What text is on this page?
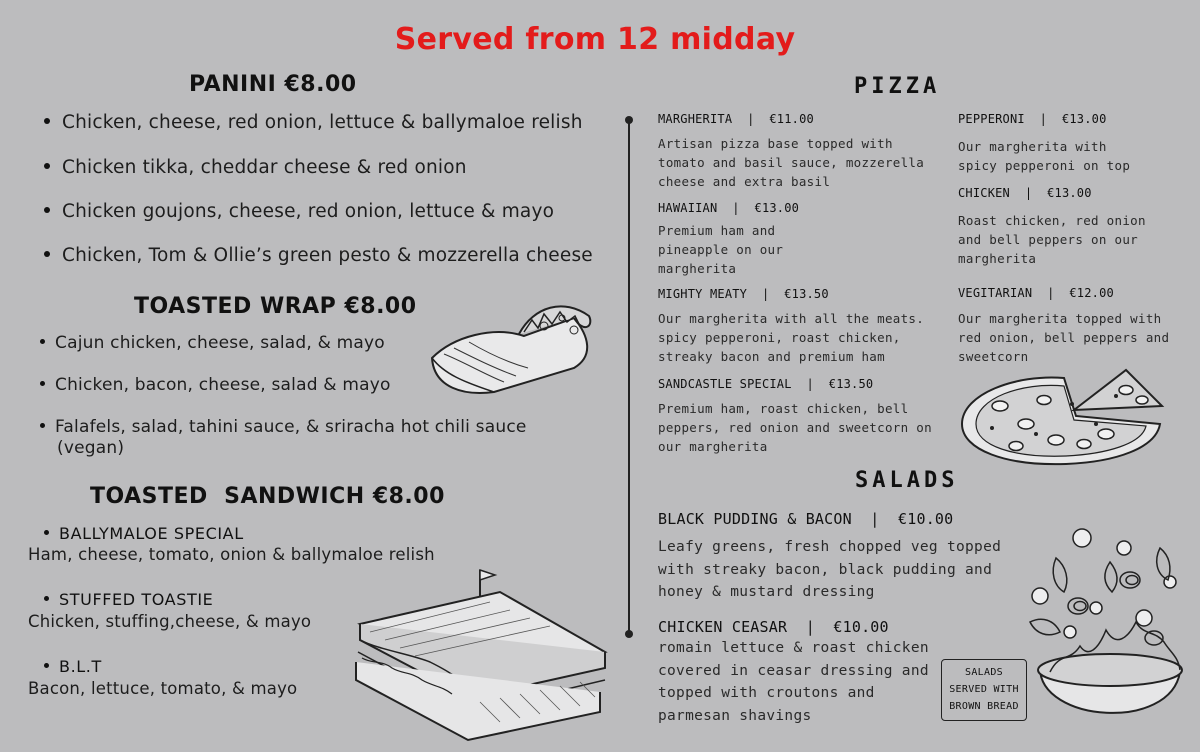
Served from 12 midday
PANINI €8.00
Chicken, cheese, red onion, lettuce & ballymaloe relish
Chicken tikka, cheddar cheese & red onion
Chicken goujons, cheese, red onion, lettuce & mayo
Chicken, Tom & Ollie’s green pesto & mozzerella cheese
TOASTED WRAP €8.00
Cajun chicken, cheese, salad, & mayo
Chicken, bacon, cheese, salad & mayo
Falafels, salad, tahini sauce, & sriracha hot chili sauce
(vegan)
TOASTED  SANDWICH €8.00
BALLYMALOE SPECIAL
Ham, cheese, tomato, onion & ballymaloe relish
STUFFED TOASTIE
Chicken, stuffing,cheese, & mayo
B.L.T
Bacon, lettuce, tomato, & mayo
PIZZA
MARGHERITA  |  €11.00
Artisan pizza base topped with
tomato and basil sauce, mozzerella
cheese and extra basil
HAWAIIAN  |  €13.00
Premium ham and
pineapple on our
margherita
MIGHTY MEATY  |  €13.50
Our margherita with all the meats.
spicy pepperoni, roast chicken,
streaky bacon and premium ham
SANDCASTLE SPECIAL  |  €13.50
Premium ham, roast chicken, bell
peppers, red onion and sweetcorn on
our margherita
PEPPERONI  |  €13.00
Our margherita with
spicy pepperoni on top
CHICKEN  |  €13.00
Roast chicken, red onion
and bell peppers on our
margherita
VEGITARIAN  |  €12.00
Our margherita topped with
red onion, bell peppers and
sweetcorn
SALADS
BLACK PUDDING & BACON  |  €10.00
Leafy greens, fresh chopped veg topped
with streaky bacon, black pudding and
honey & mustard dressing
CHICKEN CEASAR  |  €10.00
romain lettuce & roast chicken
covered in ceasar dressing and
topped with croutons and
parmesan shavings
SALADS
SERVED WITH
BROWN BREAD
